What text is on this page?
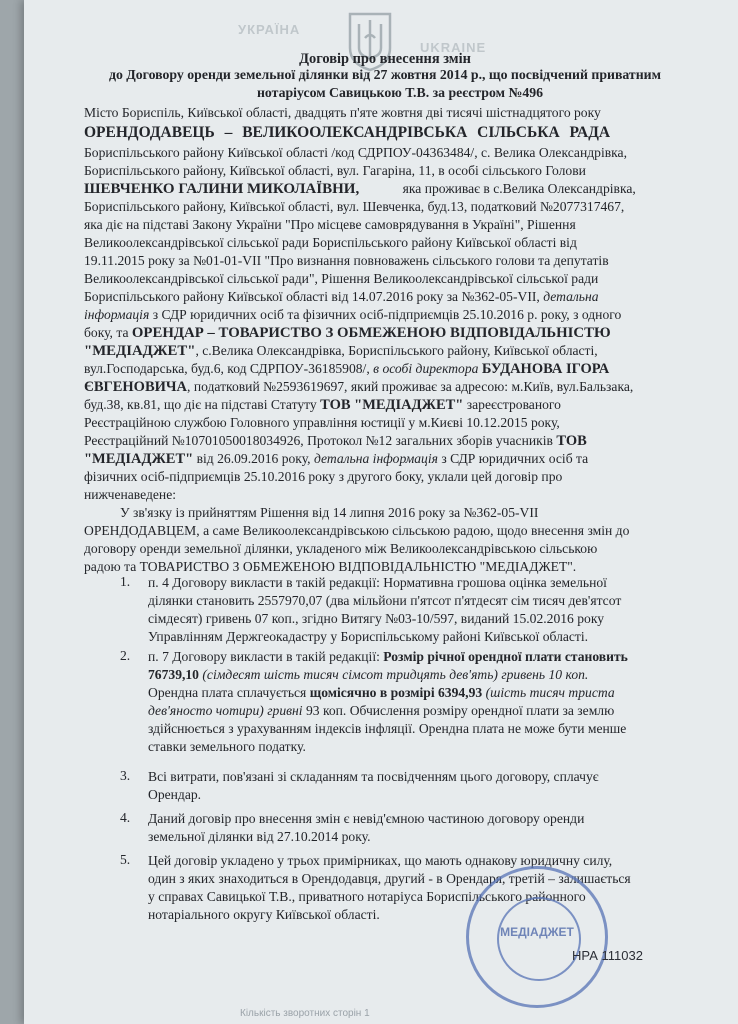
УКРАЇНА
UKRAINE
Договір про внесення змін
до Договору оренди земельної ділянки від 27 жовтня 2014 р., що посвідчений приватним
нотаріусом Савицькою Т.В. за реєстром №496

Місто Бориспіль, Київської області, двадцять п'яте жовтня дві тисячі шістнадцятого року

ОРЕНДОДАВЕЦЬ – ВЕЛИКООЛЕКСАНДРІВСЬКА СІЛЬСЬКА РАДА

Бориспільського району Київської області /код СДРПОУ-04363484/, с. Велика Олександрівка,

Бориспільського району, Київської області, вул. Гагаріна, 11, в особі сільського Голови

ШЕВЧЕНКО ГАЛИНИ МИКОЛАЇВНИ,	яка проживає в с.Велика Олександрівка,

Бориспільського району, Київської області, вул. Шевченка, буд.13, податковий №2077317467,

яка діє на підставі Закону України "Про місцеве самоврядування в Україні", Рішення

Великоолександрівської сільської ради Бориспільського району Київської області від

19.11.2015 року за №01-01-VII "Про визнання повноважень сільського голови та депутатів

Великоолександрівської сільської ради", Рішення Великоолександрівської сільської ради

Бориспільського району Київської області від 14.07.2016 року за №362-05-VII, детальна

інформація з СДР юридичних осіб та фізичних осіб-підприємців 25.10.2016 р. року, з одного

боку, та ОРЕНДАР – ТОВАРИСТВО З ОБМЕЖЕНОЮ ВІДПОВІДАЛЬНІСТЮ

"МЕДІАДЖЕТ", с.Велика Олександрівка, Бориспільського району, Київської області,

вул.Господарська, буд.6, код СДРПОУ-36185908/, в особі директора БУДАНОВА ІГОРА

ЄВГЕНОВИЧА, податковий №2593619697, який проживає за адресою: м.Київ, вул.Бальзака,

буд.38, кв.81, що діє на підставі Статуту ТОВ "МЕДІАДЖЕТ" зареєстрованого

Реєстраційною службою Головного управління юстиції у м.Києві 10.12.2015 року,

Реєстраційний №10701050018034926, Протокол №12 загальних зборів учасників ТОВ

"МЕДІАДЖЕТ" від 26.09.2016 року, детальна інформація з СДР юридичних осіб та

фізичних осіб-підприємців 25.10.2016 року з другого боку, уклали цей договір про

нижченаведене:

У зв'язку із прийняттям Рішення від 14 липня 2016 року за №362-05-VII

ОРЕНДОДАВЦЕМ, а саме Великоолександрівською сільською радою, щодо внесення змін до

договору оренди земельної ділянки, укладеного між Великоолександрівською сільською

радою та ТОВАРИСТВО З ОБМЕЖЕНОЮ ВІДПОВІДАЛЬНІСТЮ "МЕДІАДЖЕТ".

1. п. 4 Договору викласти в такій редакції: Нормативна грошова оцінка земельної

ділянки становить 2557970,07 (два мільйони п'ятсот п'ятдесят сім тисяч дев'ятсот

сімдесят) гривень 07 коп., згідно Витягу №03-10/597, виданий 15.02.2016 року

Управлінням Держгеокадастру у Бориспільському районі Київської області.

2. п. 7 Договору викласти в такій редакції: Розмір річної орендної плати становить

76739,10 (сімдесят шість тисяч сімсот тридцять дев'ять) гривень 10 коп.

Орендна плата сплачується щомісячно в розмірі 6394,93 (шість тисяч триста

дев'яносто чотири) гривні 93 коп. Обчислення розміру орендної плати за землю

здійснюється з урахуванням індексів інфляції. Орендна плата не може бути менше

ставки земельного податку.

3. Всі витрати, пов'язані зі складанням та посвідченням цього договору, сплачує

Орендар.

4. Даний договір про внесення змін є невід'ємною частиною договору оренди

земельної ділянки від 27.10.2014 року.

5. Цей договір укладено у трьох примірниках, що мають однакову юридичну силу,

один з яких знаходиться в Орендодавця, другий - в Орендаря, третій – залишається

у справах Савицької Т.В., приватного нотаріуса Бориспільського районного

нотаріального округу Київської області.

МЕДІАДЖЕТ
НРА 111032
Кількість зворотних сторін 1
